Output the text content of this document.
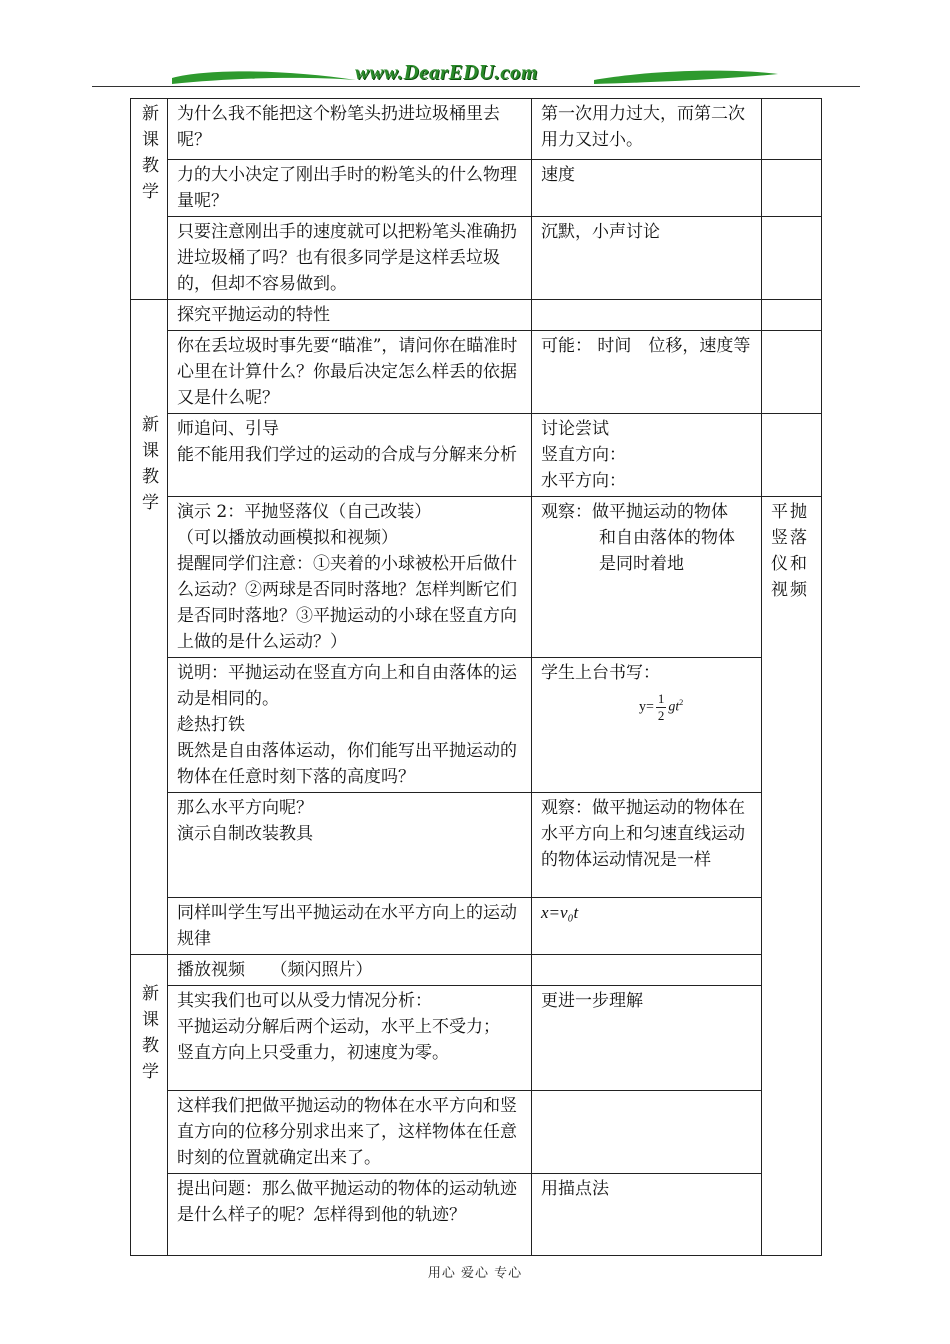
www.DearEDU.com
新课教学	为什么我不能把这个粉笔头扔进垃圾桶里去呢？	第一次用力过大，而第二次用力又过小。	

	力的大小决定了刚出手时的粉笔头的什么物理量呢？	速度	

	只要注意刚出手的速度就可以把粉笔头准确扔进垃圾桶了吗？也有很多同学是这样丢垃圾的，但却不容易做到。	沉默，小声讨论	

新课教学	探究平抛运动的特性		

	你在丢垃圾时事先要“瞄准”，请问你在瞄准时心里在计算什么？你最后决定怎么样丢的依据又是什么呢？	可能： 时间　位移，速度等	

	师追问、引导
能不能用我们学过的运动的合成与分解来分析	讨论尝试
竖直方向：
水平方向：	

	演示 2：平抛竖落仪（自己改装）
（可以播放动画模拟和视频）
提醒同学们注意：①夹着的小球被松开后做什么运动？②两球是否同时落地？怎样判断它们是否同时落地？③平抛运动的小球在竖直方向上做的是什么运动？）	观察：做平抛运动的物体
和自由落体的物体
是同时着地	平抛竖落仪和视频

	说明：平抛运动在竖直方向上和自由落体的运动是相同的。
趁热打铁
既然是自由落体运动，你们能写出平抛运动的物体在任意时刻下落的高度吗？	学生上台书写：
$y= \frac{1}{2} gt^2$

	那么水平方向呢？
演示自制改装教具	观察：做平抛运动的物体在水平方向上和匀速直线运动的物体运动情况是一样	

	同样叫学生写出平抛运动在水平方向上的运动规律	x=v₀t	

新课教学	播放视频　　（频闪照片）		

	其实我们也可以从受力情况分析：
平抛运动分解后两个运动，水平上不受力；
竖直方向上只受重力，初速度为零。	更进一步理解	

	这样我们把做平抛运动的物体在水平方向和竖直方向的位移分别求出来了，这样物体在任意时刻的位置就确定出来了。		

	提出问题：那么做平抛运动的物体的运动轨迹是什么样子的呢？怎样得到他的轨迹？	用描点法	
用心 爱心 专心
